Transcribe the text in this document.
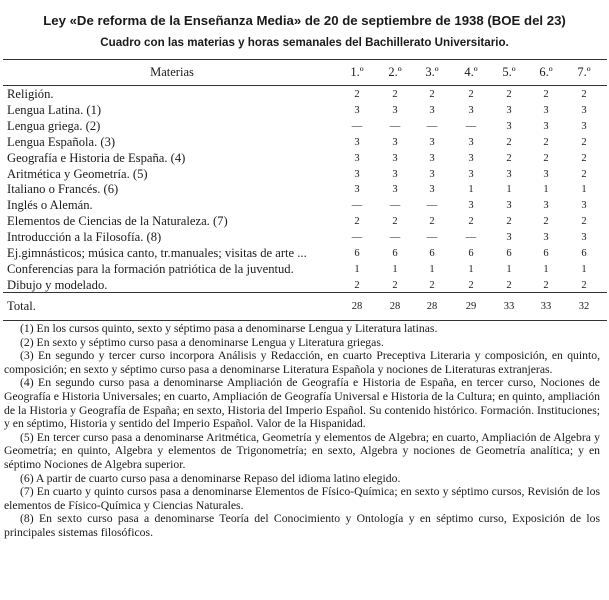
Ley «De reforma de la Enseñanza Media» de 20 de septiembre de 1938 (BOE del 23)
Cuadro con las materias y horas semanales del Bachillerato Universitario.
Materias	1.º	2.º	3.º	4.º	5.º	6.º	7.º
Religión.	2	2	2	2	2	2	2
Lengua Latina. (1)	3	3	3	3	3	3	3
Lengua griega. (2)	—	—	—	—	3	3	3
Lengua Española. (3)	3	3	3	3	2	2	2
Geografía e Historia de España. (4)	3	3	3	3	2	2	2
Aritmética y Geometría. (5)	3	3	3	3	3	3	2
Italiano o Francés. (6)	3	3	3	1	1	1	1
Inglés o Alemán.	—	—	—	3	3	3	3
Elementos de Ciencias de la Naturaleza. (7)	2	2	2	2	2	2	2
Introducción a la Filosofía. (8)	—	—	—	—	3	3	3
Ej.gimnásticos; música canto, tr.manuales; visitas de arte ...	6	6	6	6	6	6	6
Conferencias para la formación patriótica de la juventud.	1	1	1	1	1	1	1
Dibujo y modelado.	2	2	2	2	2	2	2
Total.	28	28	28	29	33	33	32

(1) En los cursos quinto, sexto y séptimo pasa a denominarse Lengua y Literatura latinas.

(2) En sexto y séptimo curso pasa a denominarse Lengua y Literatura griegas.

(3) En segundo y tercer curso incorpora Análisis y Redacción, en cuarto Preceptiva Literaria y composición, en quinto, composición; en sexto y séptimo curso pasa a denominarse Literatura Española y nociones de Literaturas extranjeras.

(4) En segundo curso pasa a denominarse Ampliación de Geografía e Historia de España, en tercer curso, Nociones de Geografía e Historia Universales; en cuarto, Ampliación de Geografía Universal e Historia de la Cultura; en quinto, ampliación de la Historia y Geografía de España; en sexto, Historia del Imperio Español. Su contenido histórico. Formación. Instituciones; y en séptimo, Historia y sentido del Imperio Español. Valor de la Hispanidad.

(5) En tercer curso pasa a denominarse Aritmética, Geometría y elementos de Algebra; en cuarto, Ampliación de Algebra y Geometría; en quinto, Algebra y elementos de Trigonometría; en sexto, Algebra y nociones de Geometría analítica; y en séptimo Nociones de Algebra superior.

(6) A partir de cuarto curso pasa a denominarse Repaso del idioma latino elegido.

(7) En cuarto y quinto cursos pasa a denominarse Elementos de Físico-Química; en sexto y séptimo cursos, Revisión de los elementos de Físico-Química y Ciencias Naturales.

(8) En sexto curso pasa a denominarse Teoría del Conocimiento y Ontología y en séptimo curso, Exposición de los principales sistemas filosóficos.
